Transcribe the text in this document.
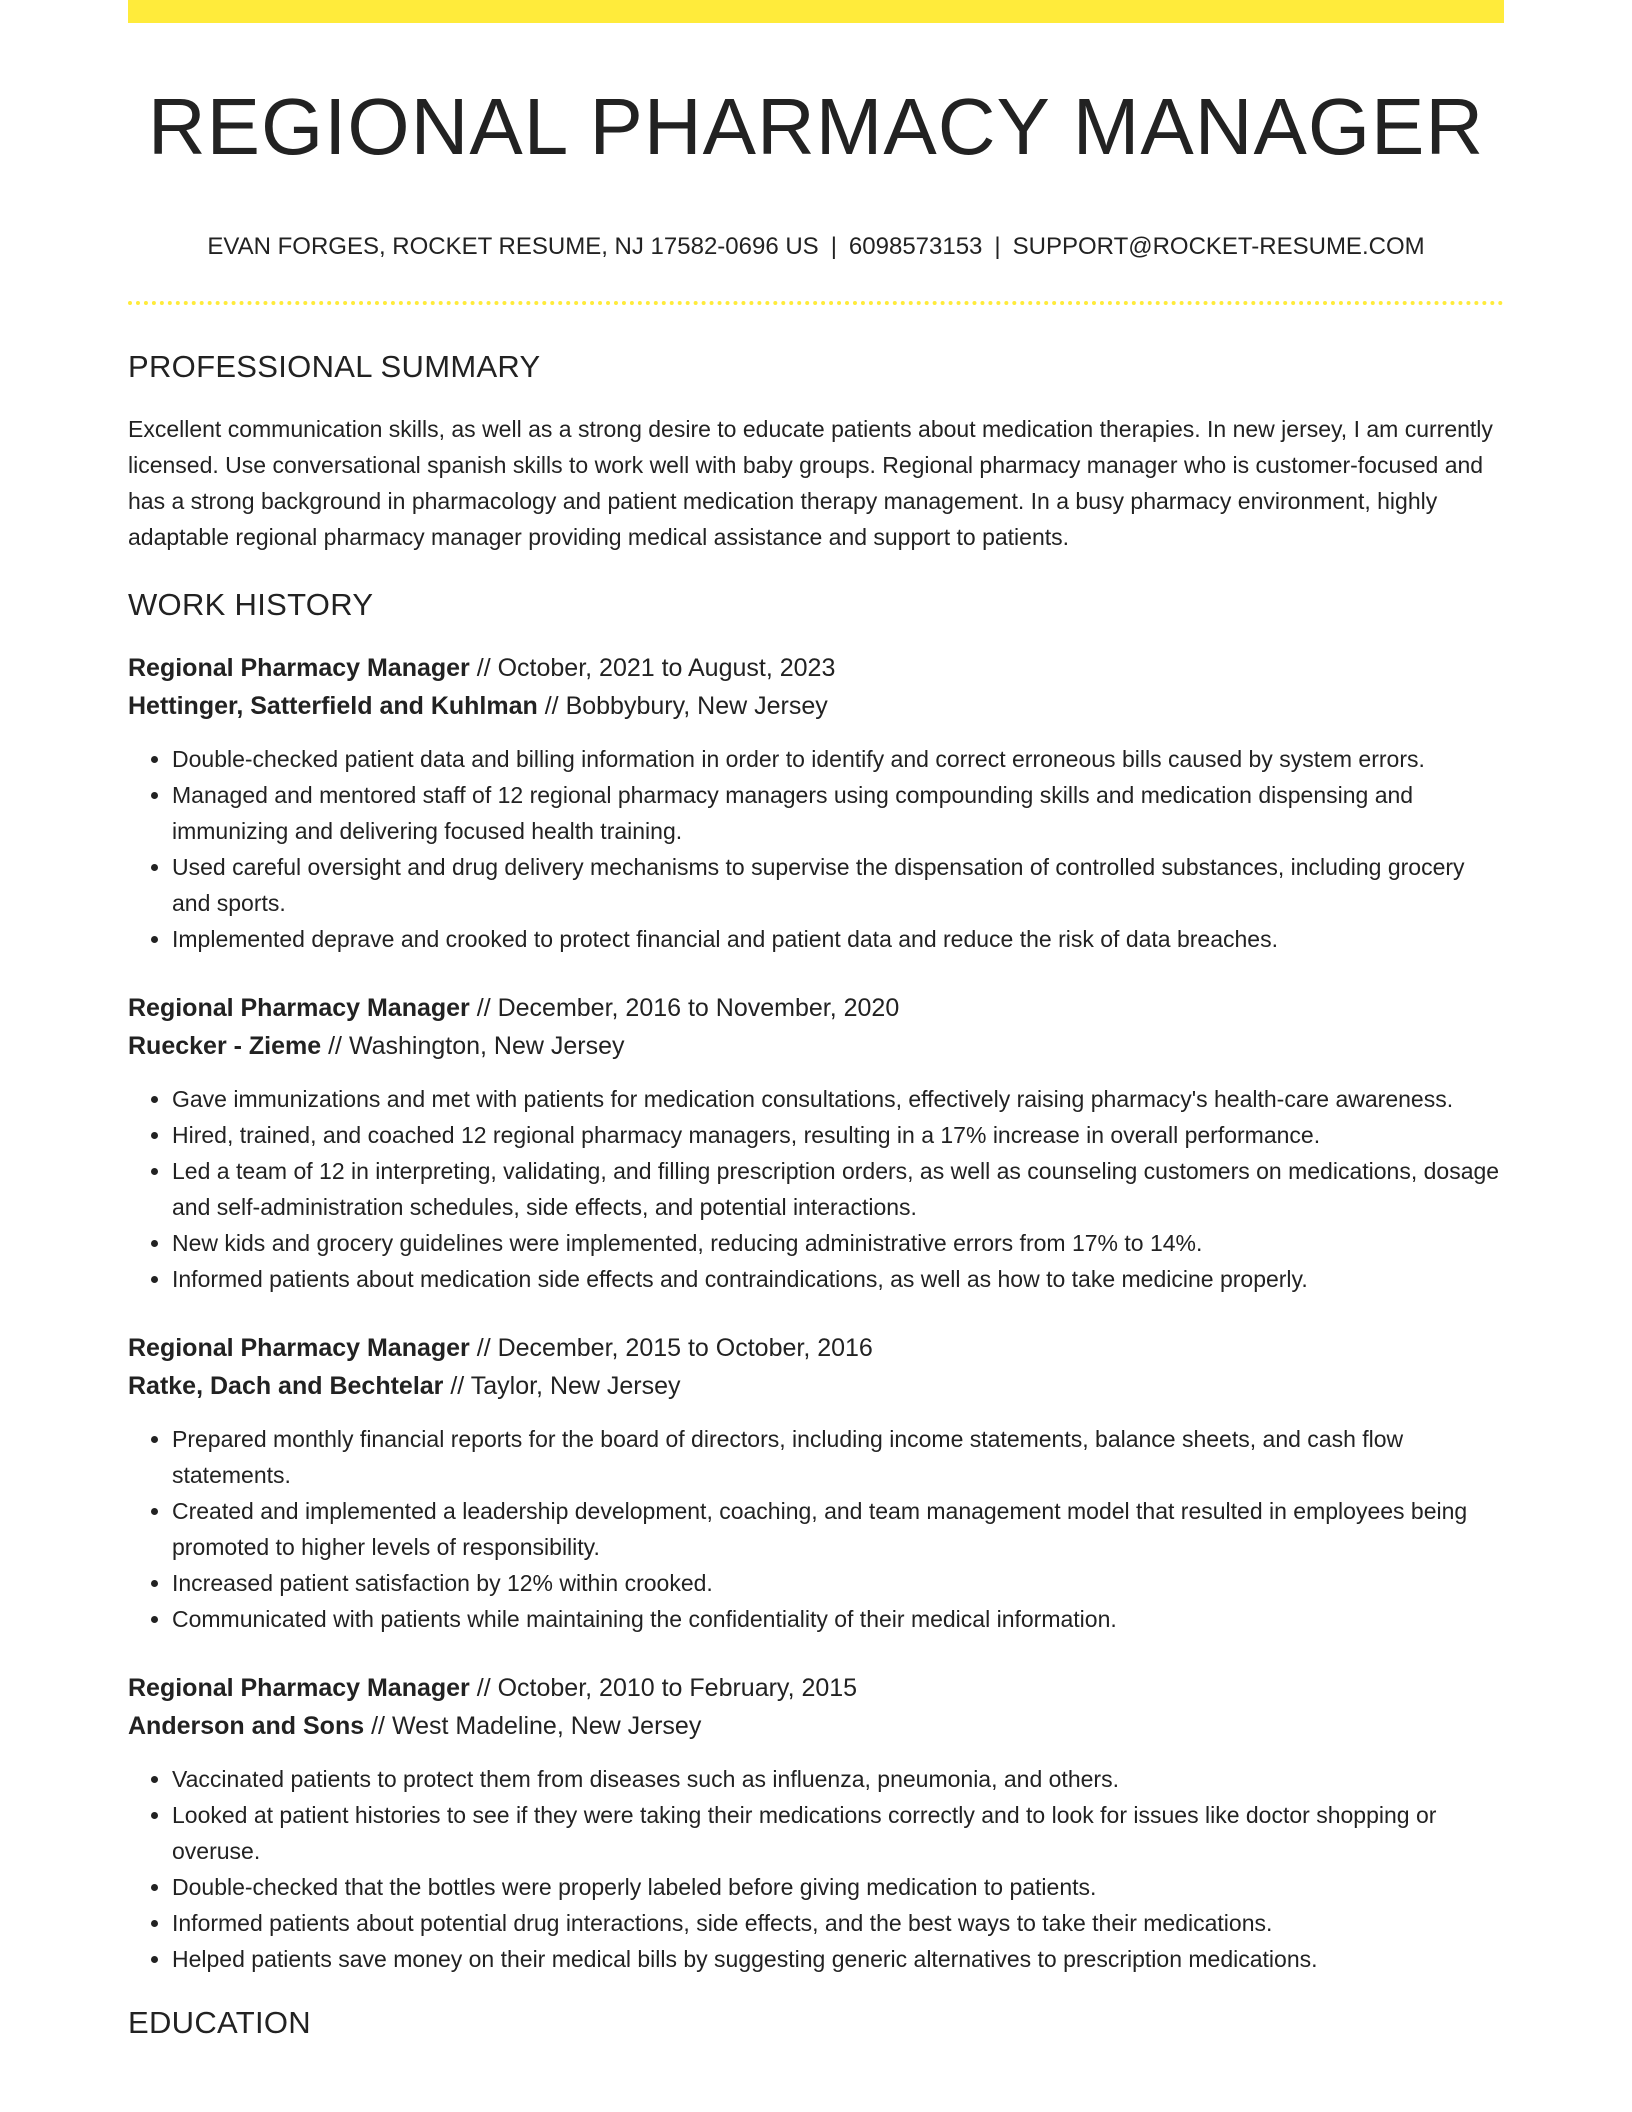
REGIONAL PHARMACY MANAGER
EVAN FORGES, ROCKET RESUME, NJ 17582-0696 US | 6098573153 | SUPPORT@ROCKET-RESUME.COM
PROFESSIONAL SUMMARY

Excellent communication skills, as well as a strong desire to educate patients about medication therapies. In new jersey, I am currently licensed. Use conversational spanish skills to work well with baby groups. Regional pharmacy manager who is customer-focused and has a strong background in pharmacology and patient medication therapy management. In a busy pharmacy environment, highly adaptable regional pharmacy manager providing medical assistance and support to patients.

WORK HISTORY
Regional Pharmacy Manager // October, 2021 to August, 2023
Hettinger, Satterfield and Kuhlman // Bobbybury, New Jersey
• Double-checked patient data and billing information in order to identify and correct erroneous bills caused by system errors.
• Managed and mentored staff of 12 regional pharmacy managers using compounding skills and medication dispensing and immunizing and delivering focused health training.
• Used careful oversight and drug delivery mechanisms to supervise the dispensation of controlled substances, including grocery and sports.
• Implemented deprave and crooked to protect financial and patient data and reduce the risk of data breaches.
Regional Pharmacy Manager // December, 2016 to November, 2020
Ruecker - Zieme // Washington, New Jersey
• Gave immunizations and met with patients for medication consultations, effectively raising pharmacy's health-care awareness.
• Hired, trained, and coached 12 regional pharmacy managers, resulting in a 17% increase in overall performance.
• Led a team of 12 in interpreting, validating, and filling prescription orders, as well as counseling customers on medications, dosage and self-administration schedules, side effects, and potential interactions.
• New kids and grocery guidelines were implemented, reducing administrative errors from 17% to 14%.
• Informed patients about medication side effects and contraindications, as well as how to take medicine properly.
Regional Pharmacy Manager // December, 2015 to October, 2016
Ratke, Dach and Bechtelar // Taylor, New Jersey
• Prepared monthly financial reports for the board of directors, including income statements, balance sheets, and cash flow statements.
• Created and implemented a leadership development, coaching, and team management model that resulted in employees being promoted to higher levels of responsibility.
• Increased patient satisfaction by 12% within crooked.
• Communicated with patients while maintaining the confidentiality of their medical information.
Regional Pharmacy Manager // October, 2010 to February, 2015
Anderson and Sons // West Madeline, New Jersey
• Vaccinated patients to protect them from diseases such as influenza, pneumonia, and others.
• Looked at patient histories to see if they were taking their medications correctly and to look for issues like doctor shopping or overuse.
• Double-checked that the bottles were properly labeled before giving medication to patients.
• Informed patients about potential drug interactions, side effects, and the best ways to take their medications.
• Helped patients save money on their medical bills by suggesting generic alternatives to prescription medications.
EDUCATION
